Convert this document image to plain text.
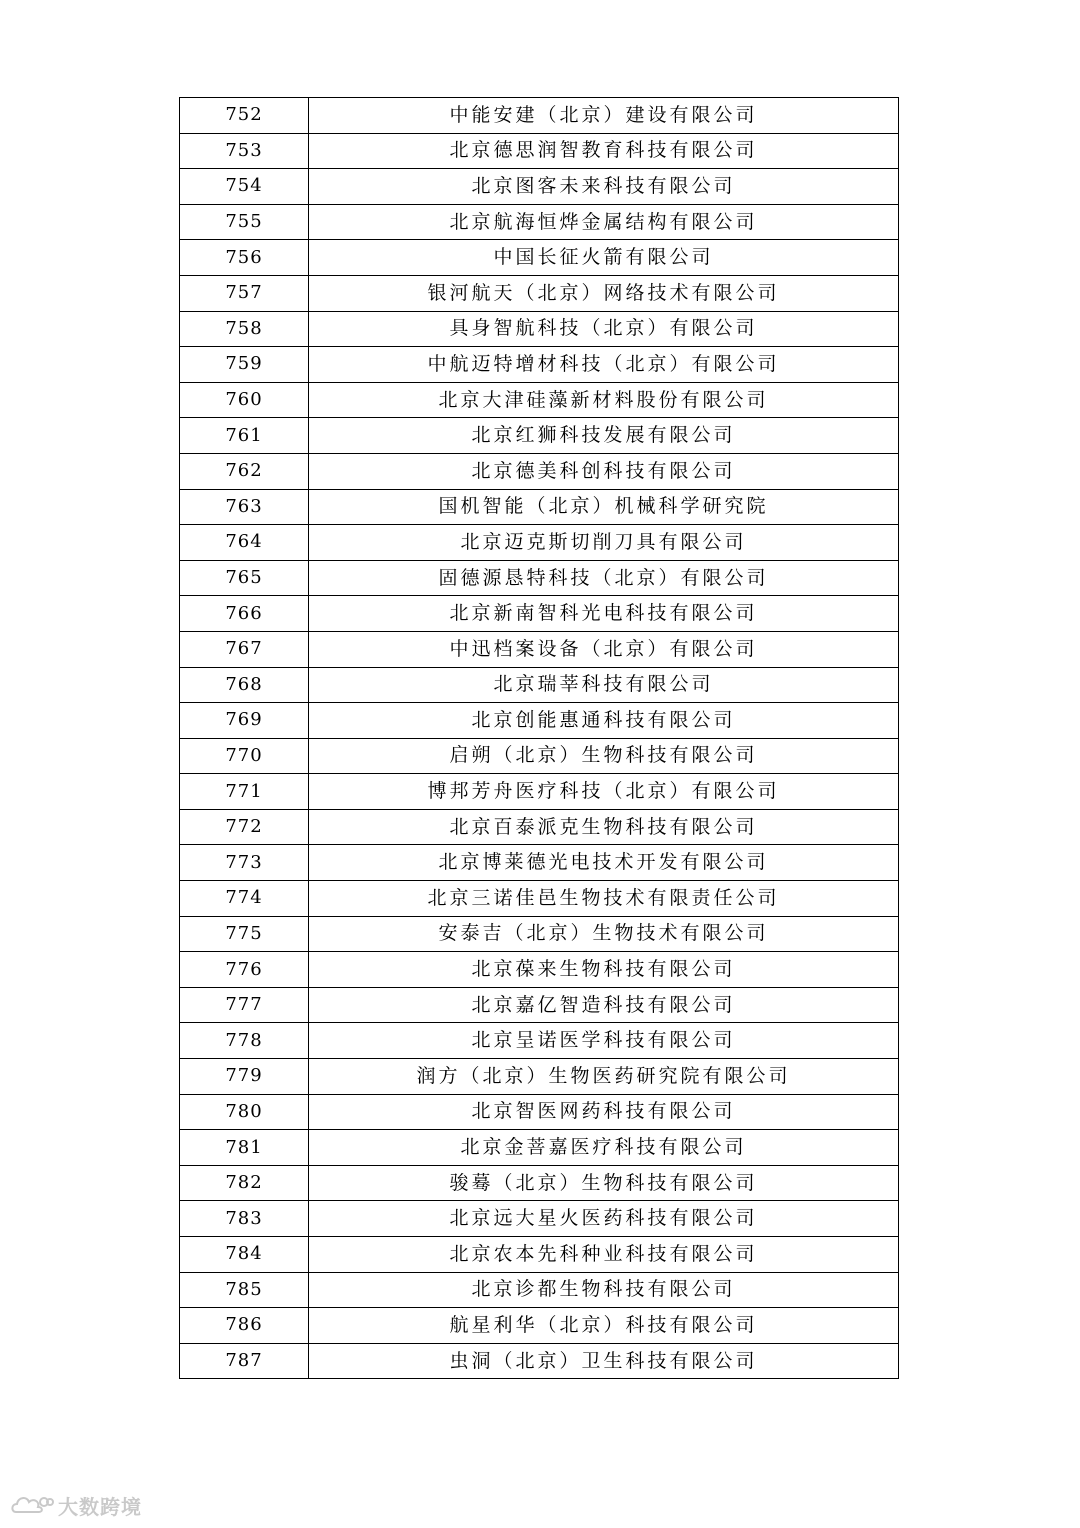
752	中能安建（北京）建设有限公司
753	北京德思润智教育科技有限公司
754	北京图客未来科技有限公司
755	北京航海恒烨金属结构有限公司
756	中国长征火箭有限公司
757	银河航天（北京）网络技术有限公司
758	具身智航科技（北京）有限公司
759	中航迈特增材科技（北京）有限公司
760	北京大津硅藻新材料股份有限公司
761	北京红狮科技发展有限公司
762	北京德美科创科技有限公司
763	国机智能（北京）机械科学研究院
764	北京迈克斯切削刀具有限公司
765	固德源恳特科技（北京）有限公司
766	北京新南智科光电科技有限公司
767	中迅档案设备（北京）有限公司
768	北京瑞莘科技有限公司
769	北京创能惠通科技有限公司
770	启朔（北京）生物科技有限公司
771	博邦芳舟医疗科技（北京）有限公司
772	北京百泰派克生物科技有限公司
773	北京博莱德光电技术开发有限公司
774	北京三诺佳邑生物技术有限责任公司
775	安泰吉（北京）生物技术有限公司
776	北京葆来生物科技有限公司
777	北京嘉亿智造科技有限公司
778	北京呈诺医学科技有限公司
779	润方（北京）生物医药研究院有限公司
780	北京智医网药科技有限公司
781	北京金菩嘉医疗科技有限公司
782	骏蓦（北京）生物科技有限公司
783	北京远大星火医药科技有限公司
784	北京农本先科种业科技有限公司
785	北京诊都生物科技有限公司
786	航星利华（北京）科技有限公司
787	虫洞（北京）卫生科技有限公司
大数跨境
